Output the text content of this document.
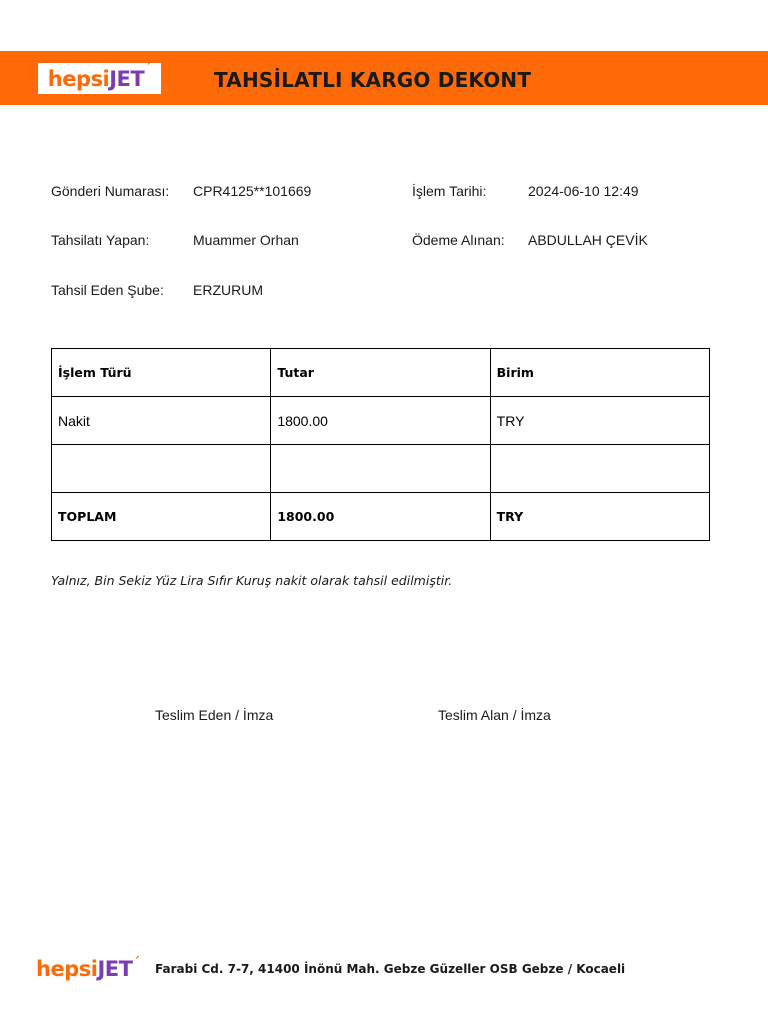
hepsi JET ´	TAHSİLATLI KARGO DEKONT
Gönderi Numarası: CPR4125**101669	İşlem Tarihi:	2024-06-10 12:49
Tahsilatı Yapan:	Muammer Orhan	Ödeme Alınan: ABDULLAH ÇEVİK
Tahsil Eden Şube: ERZURUM
İşlem Türü	Tutar	Birim
Nakit	1800.00	TRY

TOPLAM	1800.00	TRY
Yalnız, Bin Sekiz Yüz Lira Sıfır Kuruş nakit olarak tahsil edilmiştir.
Teslim Eden / İmza	Teslim Alan / İmza
hepsiJET´ Farabi Cd. 7-7, 41400 İnönü Mah. Gebze Güzeller OSB Gebze / Kocaeli
